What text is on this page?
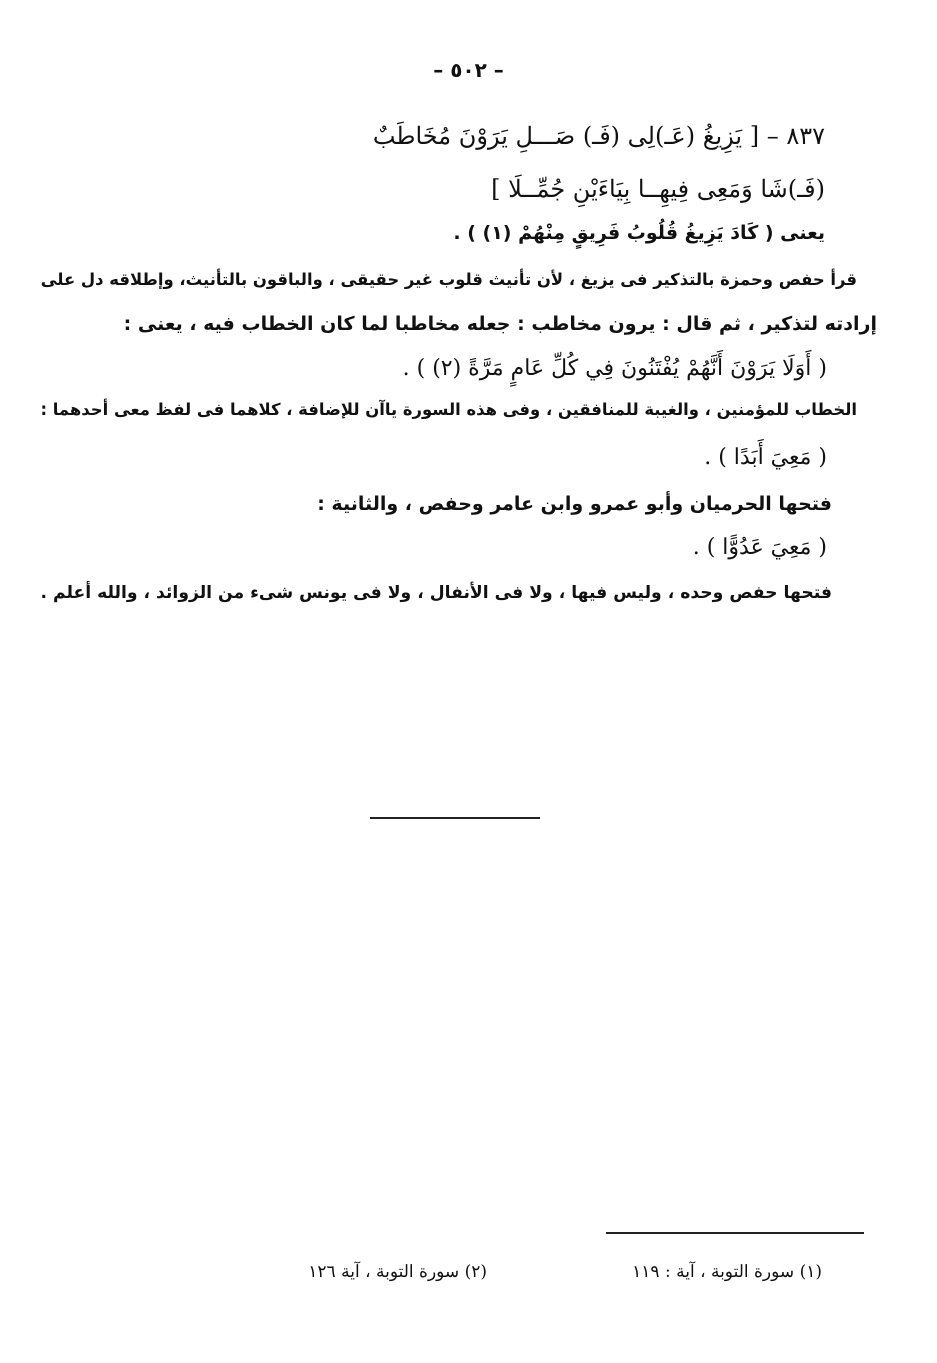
– ٥٠٢ –
٨٣٧ – [ يَزِيغُ (عَـ)لِى (فَـ) صَـــلِ يَرَوْنَ مُخَاطَبٌ
(فَـ)شَا وَمَعِى فِيهِــا بِيَاءَيْنِ جُمِّــلَا ]
يعنى ( كَادَ يَزِيغُ قُلُوبُ فَرِيقٍ مِنْهُمْ (١) ) .
قرأ حفص وحمزة بالتذكير فى يزيغ ، لأن تأنيث قلوب غير حقيقى ، والباقون بالتأنيث، وإطلاقه دل على
إرادته لتذكير ، ثم قال : يرون مخاطب : جعله مخاطبا لما كان الخطاب فيه ، يعنى :
( أَوَلَا يَرَوْنَ أَنَّهُمْ يُفْتَنُونَ فِي كُلِّ عَامٍ مَرَّةً (٢) ) .
الخطاب للمؤمنين ، والغيبة للمنافقين ، وفى هذه السورة ياآن للإضافة ، كلاهما فى لفظ معى أحدهما :
( مَعِيَ أَبَدًا ) .
فتحها الحرميان وأبو عمرو وابن عامر وحفص ، والثانية :
( مَعِيَ عَدُوًّا ) .
فتحها حفص وحده ، وليس فيها ، ولا فى الأنفال ، ولا فى يونس شىء من الزوائد ، والله أعلم .
(١) سورة التوبة ، آية : ١١٩
(٢) سورة التوبة ، آية ١٢٦
